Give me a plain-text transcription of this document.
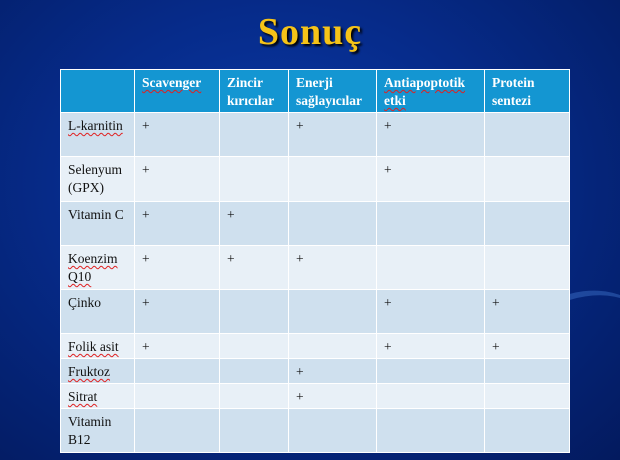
Sonuç
	Scavenger	Zincir kırıcılar	Enerji sağlayıcılar	Antiapoptotik etki	Protein sentezi
L-karnitin	+		+	+	
Selenyum (GPX)	+			+	
Vitamin C	+	+			
Koenzim Q10	+	+	+		
Çinko	+			+	+
Folik asit	+			+	+
Fruktoz			+		
Sitrat			+		
Vitamin B12					
